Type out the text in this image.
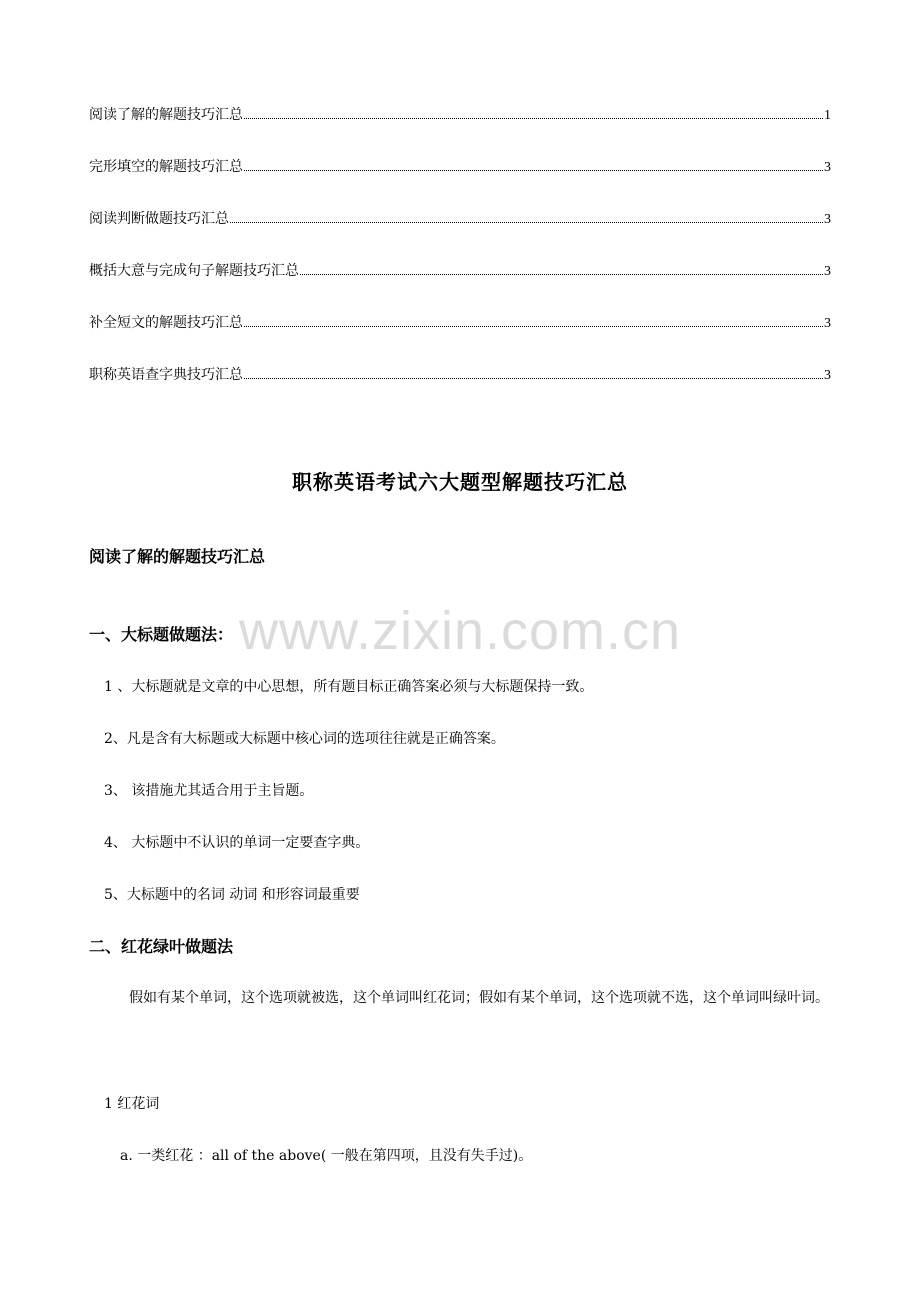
阅读了解的解题技巧汇总	1
完形填空的解题技巧汇总	3
阅读判断做题技巧汇总	3
概括大意与完成句子解题技巧汇总	3
补全短文的解题技巧汇总	3
职称英语查字典技巧汇总	3
www.zixin.com.cn
职称英语考试六大题型解题技巧汇总
阅读了解的解题技巧汇总
一、大标题做题法：
1 、大标题就是文章的中心思想，所有题目标正确答案必须与大标题保持一致。
2、凡是含有大标题或大标题中核心词的选项往往就是正确答案。
3、 该措施尤其适合用于主旨题。
4、 大标题中不认识的单词一定要查字典。
5、大标题中的名词 动词 和形容词最重要
二、红花绿叶做题法
假如有某个单词，这个选项就被选，这个单词叫红花词；假如有某个单词，这个选项就不选，这个单词叫绿叶词。
1 红花词
a. 一类红花 ：all of the above( 一般在第四项，且没有失手过)。
